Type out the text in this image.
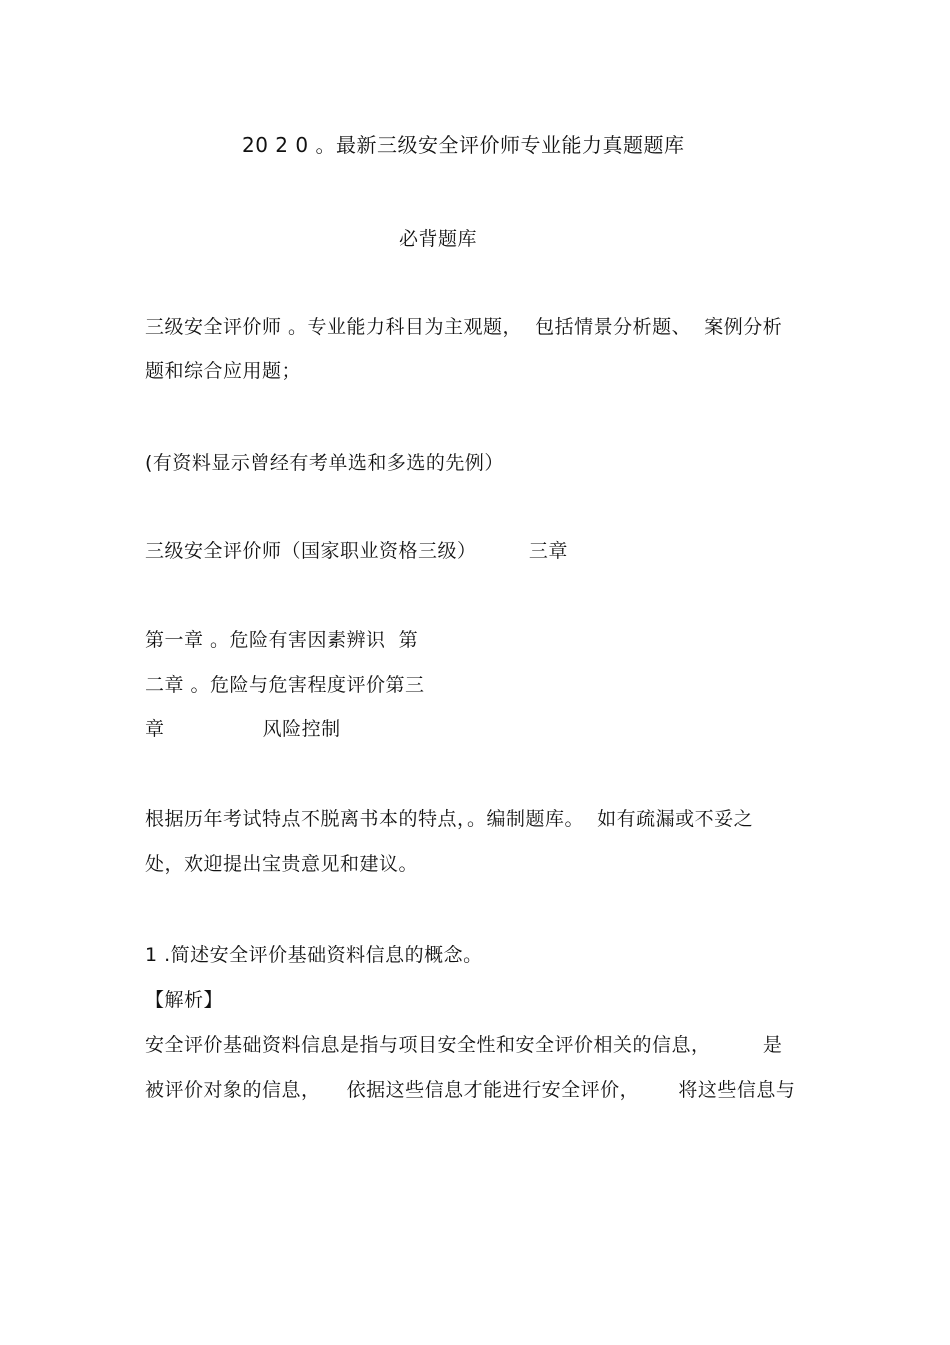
20 2 0 。最新三级安全评价师专业能力真题题库
必背题库
三级安全评价师 。专业能力科目为主观题，  包括情景分析题、  案例分析
题和综合应用题；
(有资料显示曾经有考单选和多选的先例）
三级安全评价师（国家职业资格三级）        三章
第一章 。危险有害因素辨识  第
二章 。危险与危害程度评价第三
章               风险控制
根据历年考试特点不脱离书本的特点，。编制题库。  如有疏漏或不妥之
处，欢迎提出宝贵意见和建议。
1 .简述安全评价基础资料信息的概念。
【解析】
安全评价基础资料信息是指与项目安全性和安全评价相关的信息，        是
被评价对象的信息，    依据这些信息才能进行安全评价，      将这些信息与
